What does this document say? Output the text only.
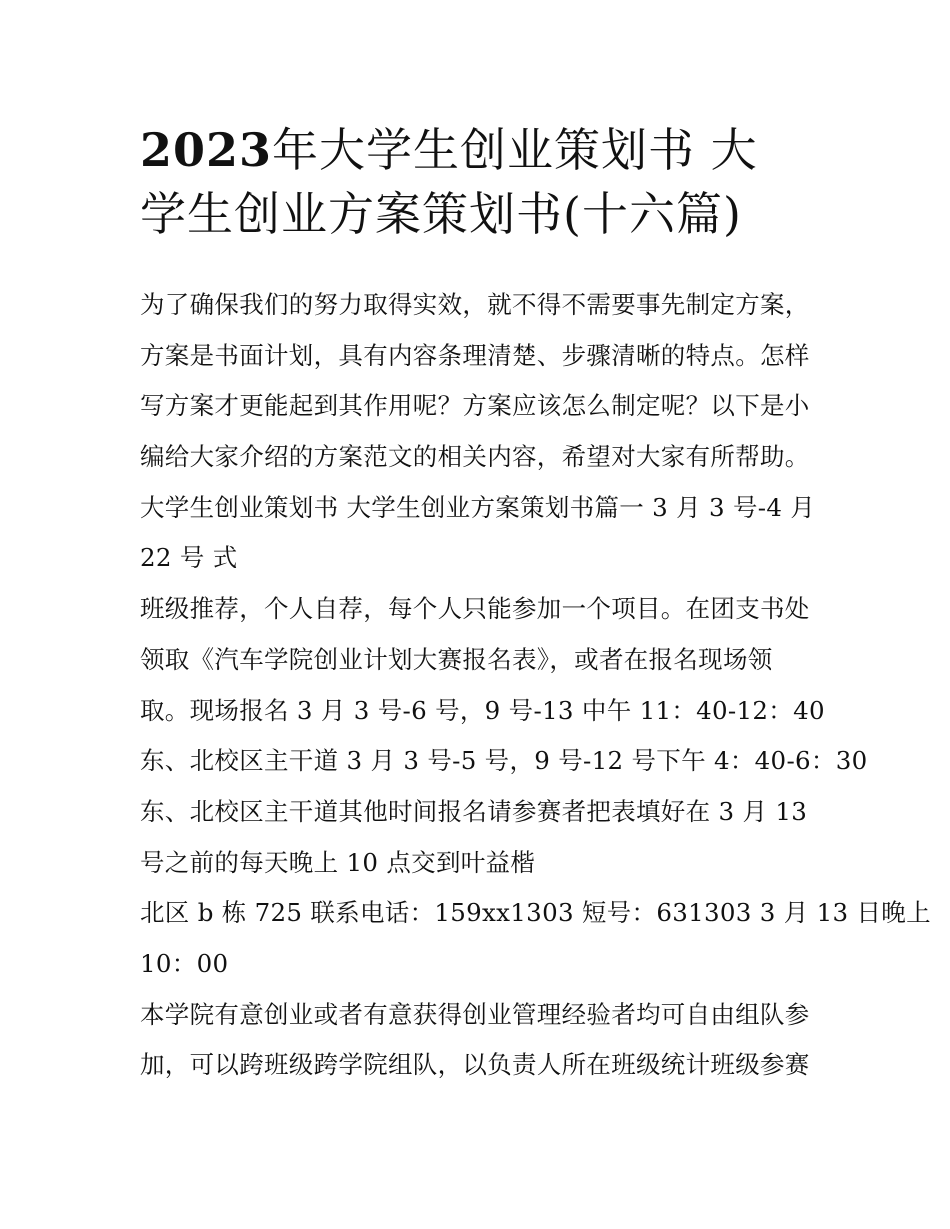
2023年大学生创业策划书 大
学生创业方案策划书(十六篇)
为了确保我们的努力取得实效，就不得不需要事先制定方案，
方案是书面计划，具有内容条理清楚、步骤清晰的特点。怎样
写方案才更能起到其作用呢？方案应该怎么制定呢？以下是小
编给大家介绍的方案范文的相关内容，希望对大家有所帮助。
大学生创业策划书 大学生创业方案策划书篇一 3 月 3 号-4 月
22 号 式
班级推荐，个人自荐，每个人只能参加一个项目。在团支书处
领取《汽车学院创业计划大赛报名表》，或者在报名现场领
取。现场报名 3 月 3 号-6 号，9 号-13 中午 11：40-12：40
东、北校区主干道 3 月 3 号-5 号，9 号-12 号下午 4：40-6：30
东、北校区主干道其他时间报名请参赛者把表填好在 3 月 13
号之前的每天晚上 10 点交到叶益楷
北区 b 栋 725 联系电话：159xx1303 短号：631303 3 月 13 日晚上
10：00
本学院有意创业或者有意获得创业管理经验者均可自由组队参
加，可以跨班级跨学院组队，以负责人所在班级统计班级参赛
